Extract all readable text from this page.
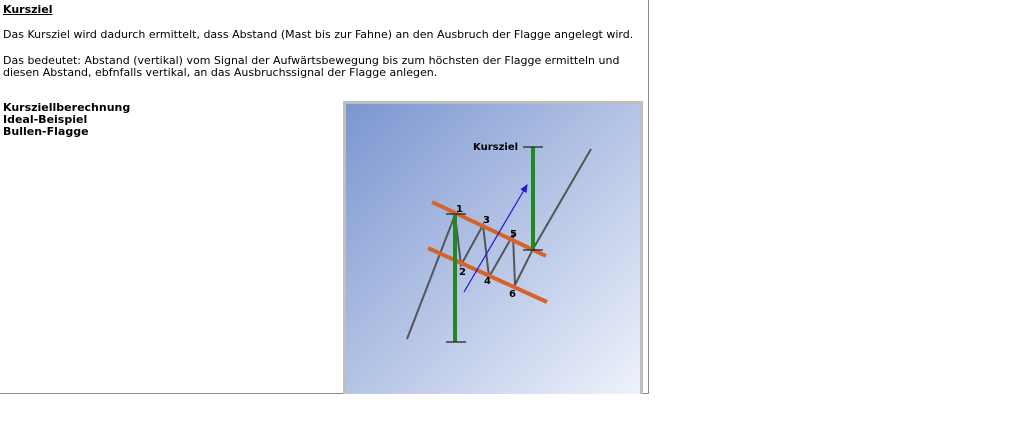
Kursziel

Das Kursziel wird dadurch ermittelt, dass Abstand (Mast bis zur Fahne) an den Ausbruch der Flagge angelegt wird.

Das bedeutet: Abstand (vertikal) vom Signal der Aufwärtsbewegung bis zum höchsten der Flagge ermitteln und diesen Abstand, ebfnfalls vertikal, an das Ausbruchssignal der Flagge anlegen.

Kursziellberechnung
Ideal-Beispiel
Bullen-Flagge
Kursziel
1
2
3
4
5
6
